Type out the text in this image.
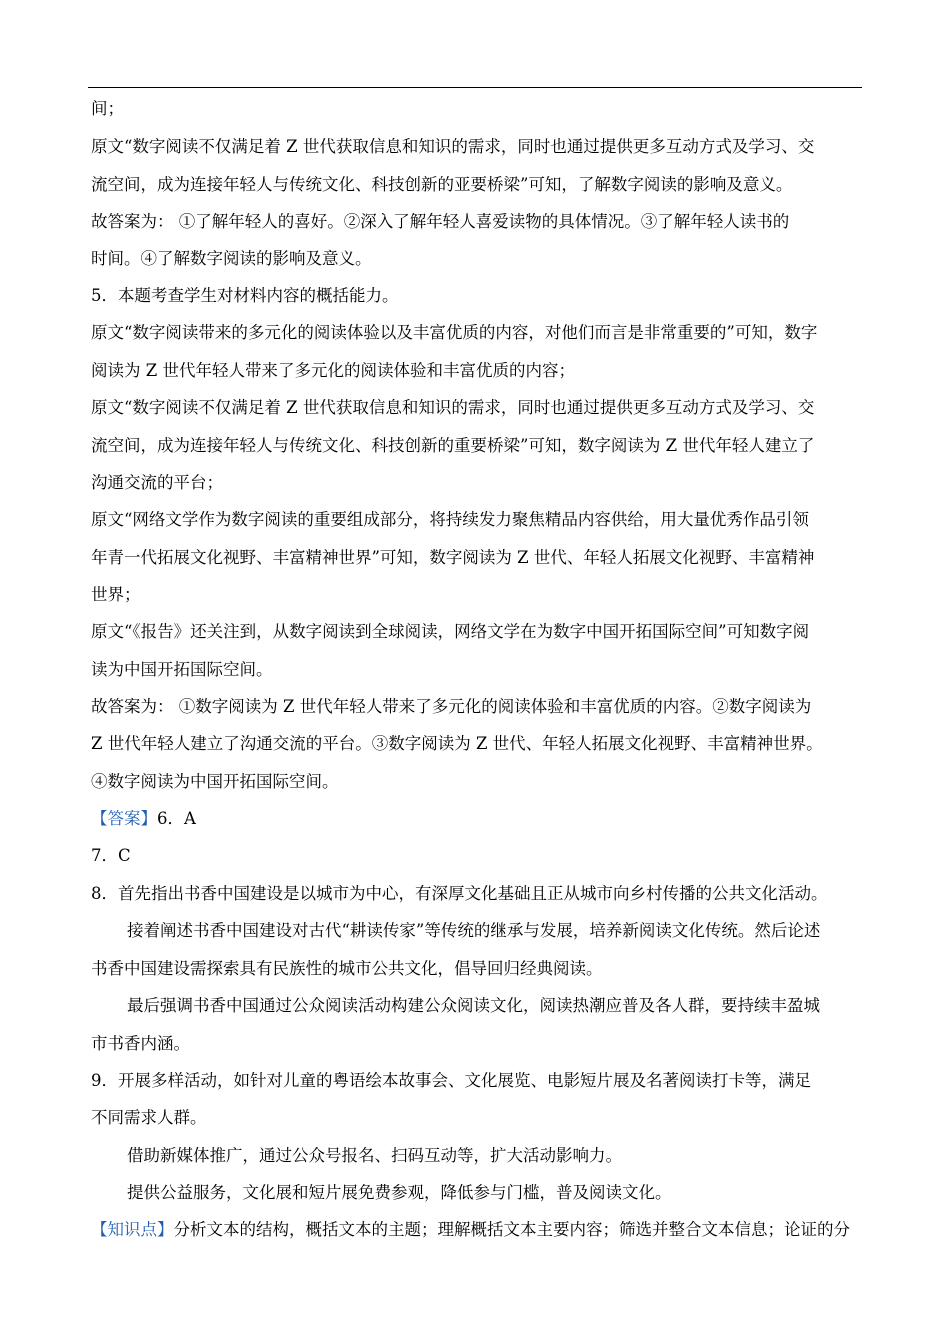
间；
原文“数字阅读不仅满足着 Z 世代获取信息和知识的需求，同时也通过提供更多互动方式及学习、交
流空间，成为连接年轻人与传统文化、科技创新的亚要桥梁”可知，了解数字阅读的影响及意义。
故答案为： ①了解年轻人的喜好。②深入了解年轻人喜爱读物的具体情况。③了解年轻人读书的
时间。④了解数字阅读的影响及意义。
5．本题考查学生对材料内容的概括能力。
原文“数字阅读带来的多元化的阅读体验以及丰富优质的内容，对他们而言是非常重要的”可知，数字
阅读为 Z 世代年轻人带来了多元化的阅读体验和丰富优质的内容；
原文“数字阅读不仅满足着 Z 世代获取信息和知识的需求，同时也通过提供更多互动方式及学习、交
流空间，成为连接年轻人与传统文化、科技创新的重要桥梁”可知，数字阅读为 Z 世代年轻人建立了
沟通交流的平台；
原文“网络文学作为数字阅读的重要组成部分，将持续发力聚焦精品内容供给，用大量优秀作品引领
年青一代拓展文化视野、丰富精神世界”可知，数字阅读为 Z 世代、年轻人拓展文化视野、丰富精神
世界；
原文“《报告》还关注到，从数字阅读到全球阅读，网络文学在为数字中国开拓国际空间”可知数字阅
读为中国开拓国际空间。
故答案为： ①数字阅读为 Z 世代年轻人带来了多元化的阅读体验和丰富优质的内容。②数字阅读为
Z 世代年轻人建立了沟通交流的平台。③数字阅读为 Z 世代、年轻人拓展文化视野、丰富精神世界。
④数字阅读为中国开拓国际空间。
【答案】6．A
7．C
8．首先指出书香中国建设是以城市为中心，有深厚文化基础且正从城市向乡村传播的公共文化活动。
接着阐述书香中国建设对古代“耕读传家”等传统的继承与发展，培养新阅读文化传统。然后论述
书香中国建设需探索具有民族性的城市公共文化，倡导回归经典阅读。
最后强调书香中国通过公众阅读活动构建公众阅读文化，阅读热潮应普及各人群，要持续丰盈城
市书香内涵。
9．开展多样活动，如针对儿童的粤语绘本故事会、文化展览、电影短片展及名著阅读打卡等，满足
不同需求人群。
借助新媒体推广，通过公众号报名、扫码互动等，扩大活动影响力。
提供公益服务，文化展和短片展免费参观，降低参与门槛，普及阅读文化。
【知识点】分析文本的结构，概括文本的主题；理解概括文本主要内容；筛选并整合文本信息；论证的分
